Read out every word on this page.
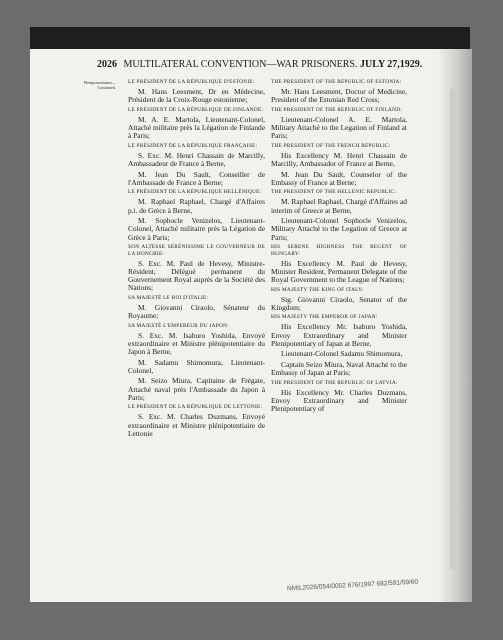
2026 MULTILATERAL CONVENTION—WAR PRISONERS. JULY 27,1929.
Plenipotentiaries—Continued.
LE PRÉSIDENT DE LA RÉPUBLIQUE D'ESTONIE:
M. Hans Leesment, Dr en Médecine, Président de la Croix-Rouge estonienne;
LE PRÉSIDENT DE LA RÉPUBLIQUE DE FINLANDE:
M. A. E. Martola, Lieutenant-Colonel, Attaché militaire près la Légation de Finlande à Paris;
LE PRÉSIDENT DE LA RÉPUBLIQUE FRANÇAISE:
S. Exc. M. Henri Chassain de Marcilly, Ambassadeur de France à Berne,
M. Jean Du Sault, Conseiller de l'Ambassade de France à Berne;
LE PRÉSIDENT DE LA RÉPUBLIQUE HELLÉNIQUE:
M. Raphael Raphael, Chargé d'Affaires p.i. de Grèce à Berne,
M. Sophocle Venizelos, Lieutenant-Colonel, Attaché militaire près la Légation de Grèce à Paris;
SON ALTESSE SÉRÉNISSIME LE GOUVERNEUR DE LA HONGRIE:
S. Exc. M. Paul de Hevesy, Ministre-Résident, Délégué permanent du Gouvernement Royal auprès de la Société des Nations;
SA MAJESTÉ LE ROI D'ITALIE:
M. Giovanni Ciraolo, Sénateur du Royaume;
SA MAJESTÉ L'EMPEREUR DU JAPON:
S. Exc. M. Isaburo Yoshida, Envoyé extraordinaire et Ministre plénipotentiaire du Japon à Berne,
M. Sadamu Shimomura, Lieutenant-Colonel,
M. Seizo Miura, Capitaine de Frégate, Attaché naval près l'Ambassade du Japon à Paris;
LE PRÉSIDENT DE LA RÉPUBLIQUE DE LETTONIE:
S. Exc. M. Charles Duzmans, Envoyé extraordinaire et Ministre plénipotentiaire de Lettonie
THE PRESIDENT OF THE REPUBLIC OF ESTONIA:
Mr. Hans Leesment, Doctor of Medicine, President of the Estonian Red Cross;
THE PRESIDENT OF THE REPUBLIC OF FINLAND:
Lieutenant-Colonel A. E. Martola, Military Attaché to the Legation of Finland at Paris;
THE PRESIDENT OF THE FRENCH REPUBLIC:
His Excellency M. Henri Chassain de Marcilly, Ambassador of France at Berne,
M. Jean Du Sault, Counselor of the Embassy of France at Berne;
THE PRESIDENT OF THE HELLENIC REPUBLIC:
M. Raphael Raphael, Chargé d'Affaires ad interim of Greece at Berne,
Lieutenant-Colonel Sophocle Venizelos, Military Attaché to the Legation of Greece at Paris;
HIS SERENE HIGHNESS THE REGENT OF HUNGARY:
His Excellency M. Paul de Hevesy, Minister Resident, Permanent Delegate of the Royal Government to the League of Nations;
HIS MAJESTY THE KING OF ITALY:
Sig. Giovanni Ciraolo, Senator of the Kingdom;
HIS MAJESTY THE EMPEROR OF JAPAN:
His Excellency Mr. Isaburo Yoshida, Envoy Extraordinary and Minister Plenipotentiary of Japan at Berne,
Lieutenant-Colonel Sadamu Shimomura,
Captain Seizo Miura, Naval Attaché to the Embassy of Japan at Paris;
THE PRESIDENT OF THE REPUBLIC OF LATVIA:
His Excellency Mr. Charles Duzmans, Envoy Extraordinary and Minister Plenipotentiary of
NMIL2026/054/0002 676/1997 682/591/59/60
